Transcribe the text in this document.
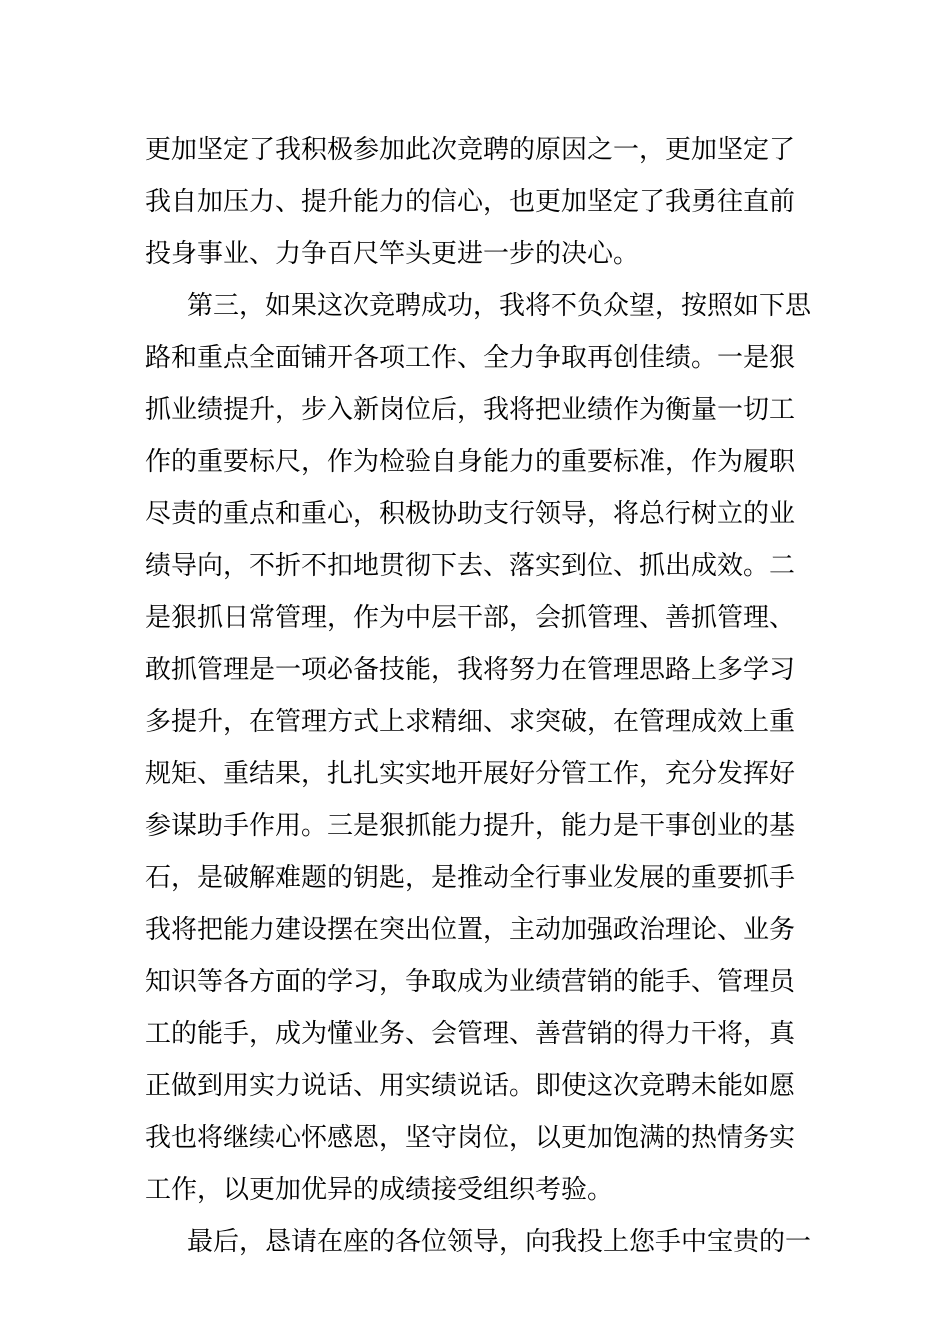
更加坚定了我积极参加此次竞聘的原因之一，更加坚定了
我自加压力、提升能力的信心，也更加坚定了我勇往直前
投身事业、力争百尺竿头更进一步的决心。
第三，如果这次竞聘成功，我将不负众望，按照如下思
路和重点全面铺开各项工作、全力争取再创佳绩。一是狠
抓业绩提升，步入新岗位后，我将把业绩作为衡量一切工
作的重要标尺，作为检验自身能力的重要标准，作为履职
尽责的重点和重心，积极协助支行领导，将总行树立的业
绩导向，不折不扣地贯彻下去、落实到位、抓出成效。二
是狠抓日常管理，作为中层干部，会抓管理、善抓管理、
敢抓管理是一项必备技能，我将努力在管理思路上多学习
多提升，在管理方式上求精细、求突破，在管理成效上重
规矩、重结果，扎扎实实地开展好分管工作，充分发挥好
参谋助手作用。三是狠抓能力提升，能力是干事创业的基
石，是破解难题的钥匙，是推动全行事业发展的重要抓手
我将把能力建设摆在突出位置，主动加强政治理论、业务
知识等各方面的学习，争取成为业绩营销的能手、管理员
工的能手，成为懂业务、会管理、善营销的得力干将，真
正做到用实力说话、用实绩说话。即使这次竞聘未能如愿
我也将继续心怀感恩，坚守岗位，以更加饱满的热情务实
工作，以更加优异的成绩接受组织考验。
最后，恳请在座的各位领导，向我投上您手中宝贵的一
